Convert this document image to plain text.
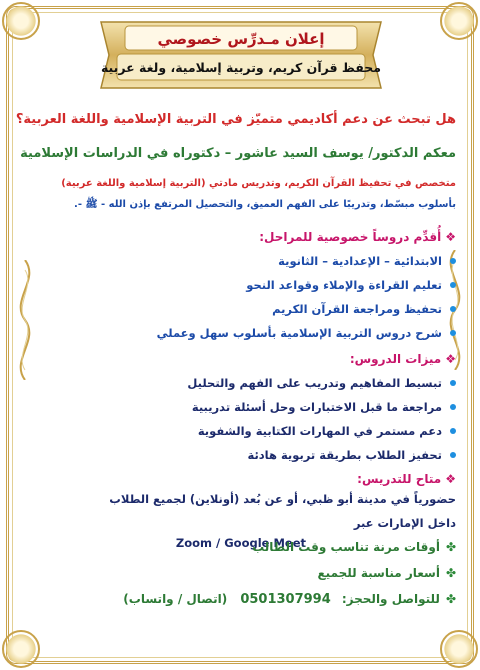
إعلان مـدرِّس خصوصي
محفظ قرآن كريم، وتربية إسلامية، ولغة عربية
هل تبحث عن دعم أكاديمي متميّز في التربية الإسلامية واللغة العربية؟
معكم الدكتور/ يوسف السيد عاشور – دكتوراه في الدراسات الإسلامية
متخصص في تحفيظ القرآن الكريم، وتدريس مادتي (التربية إسلامية واللغة عربية)
بأسلوب مبسّط، وتدريبًا على الفهم العميق، والتحصيل المرتفع بإذن الله - ﷺ -.
❖أُقدِّم دروساً خصوصية للمراحل:
الابتدائية – الإعدادية – الثانوية
تعليم القراءة والإملاء وقواعد النحو
تحفيظ ومراجعة القرآن الكريم
شرح دروس التربية الإسلامية بأسلوب سهل وعملي
❖ميزات الدروس:
تبسيط المفاهيم وتدريب على الفهم والتحليل
مراجعة ما قبل الاختبارات وحل أسئلة تدريبية
دعم مستمر في المهارات الكتابية والشفوية
تحفيز الطلاب بطريقة تربوية هادئة
❖متاح للتدريس:
حضورياً في مدينة أبو ظبي، أو عن بُعد (أونلاين) لجميع الطلاب
داخل الإمارات عبر
Zoom / Google Meet	✤أوقات مرنة تناسب وقت الطالب
✤أسعار مناسبة للجميع
✤للتواصل والحجز: 0501307994 (اتصال / واتساب)
